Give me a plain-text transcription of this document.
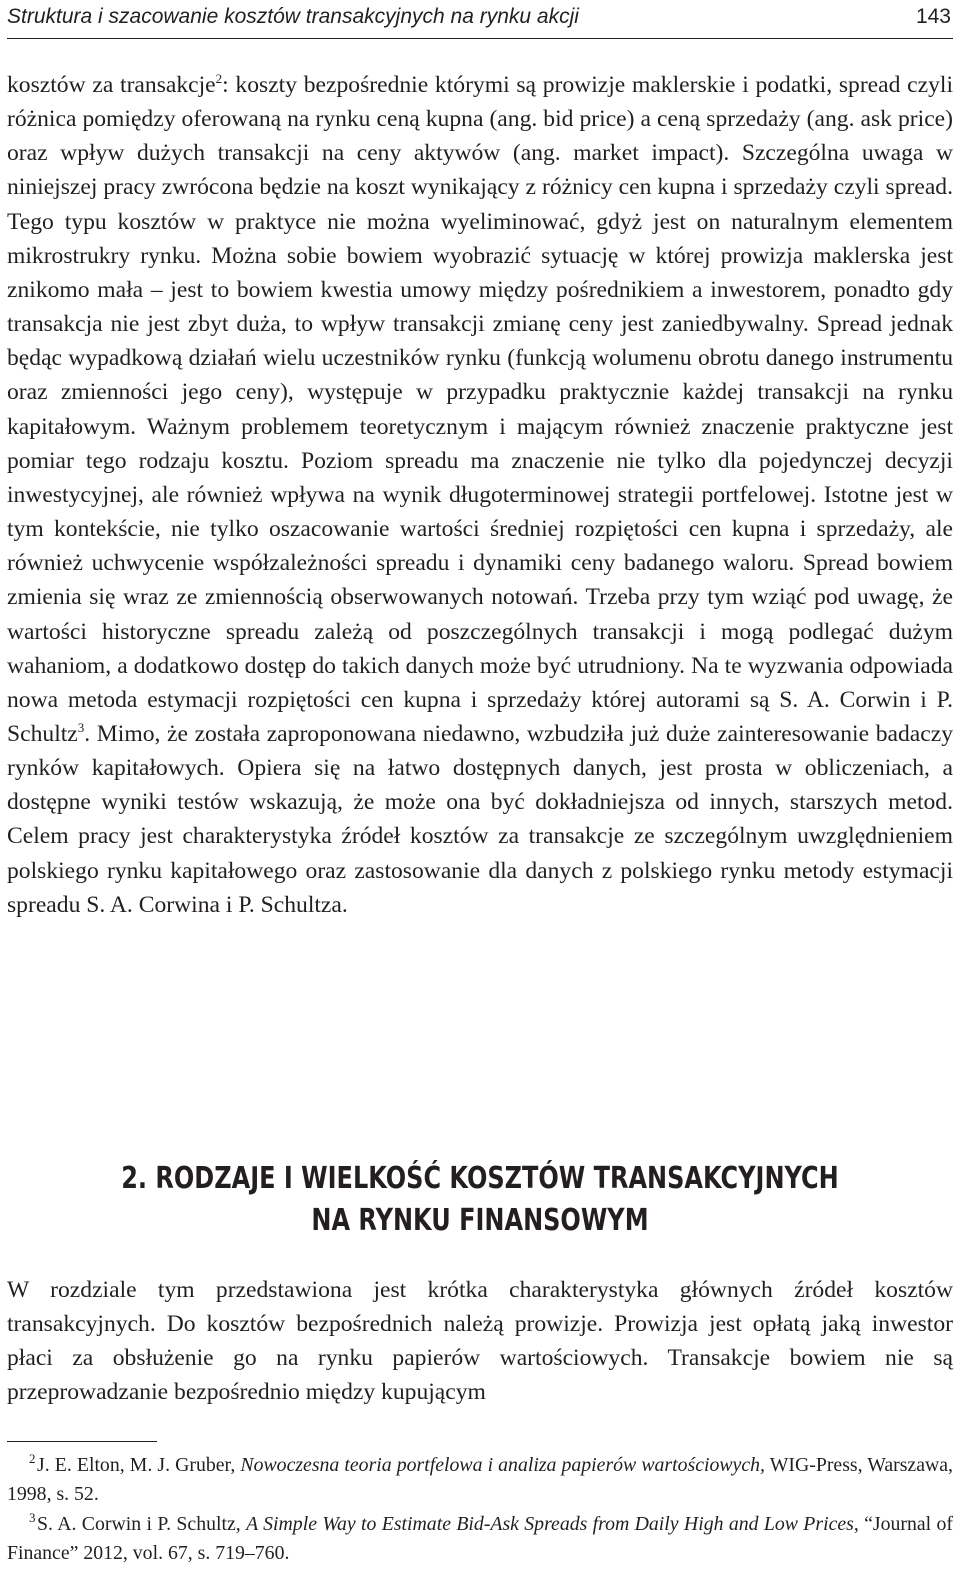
Struktura i szacowanie kosztów transakcyjnych na rynku akcji	143

kosztów za transakcje$^2$: koszty bezpośrednie którymi są prowizje maklerskie i podatki, spread czyli różnica pomiędzy oferowaną na rynku ceną kupna (ang. bid price) a ceną sprzedaży (ang. ask price) oraz wpływ dużych transakcji na ceny aktywów (ang. market impact). Szczególna uwaga w niniejszej pracy zwrócona będzie na koszt wynikający z różnicy cen kupna i sprzedaży czyli spread. Tego typu kosztów w praktyce nie można wyeliminować, gdyż jest on naturalnym elementem mikrostrukry rynku. Można sobie bowiem wyobrazić sytuację w której prowizja maklerska jest znikomo mała – jest to bowiem kwestia umowy między pośrednikiem a inwestorem, ponadto gdy transakcja nie jest zbyt duża, to wpływ transakcji zmianę ceny jest zaniedbywalny. Spread jednak będąc wypadkową działań wielu uczestników rynku (funkcją wolumenu obrotu danego instrumentu oraz zmienności jego ceny), występuje w przypadku praktycznie każdej transakcji na rynku kapitałowym. Ważnym problemem teoretycznym i mającym również znaczenie praktyczne jest pomiar tego rodzaju kosztu. Poziom spreadu ma znaczenie nie tylko dla pojedynczej decyzji inwestycyjnej, ale również wpływa na wynik długoterminowej strategii portfelowej. Istotne jest w tym kontekście, nie tylko oszacowanie wartości średniej rozpiętości cen kupna i sprzedaży, ale również uchwycenie współzależności spreadu i dynamiki ceny badanego waloru. Spread bowiem zmienia się wraz ze zmiennością obserwowanych notowań. Trzeba przy tym wziąć pod uwagę, że wartości historyczne spreadu zależą od poszczególnych transakcji i mogą podlegać dużym wahaniom, a dodatkowo dostęp do takich danych może być utrudniony. Na te wyzwania odpowiada nowa metoda estymacji rozpiętości cen kupna i sprzedaży której autorami są S. A. Corwin i P. Schultz$^3$. Mimo, że została zaproponowana niedawno, wzbudziła już duże zainteresowanie badaczy rynków kapitałowych. Opiera się na łatwo dostępnych danych, jest prosta w obliczeniach, a dostępne wyniki testów wskazują, że może ona być dokładniejsza od innych, starszych metod. Celem pracy jest charakterystyka źródeł kosztów za transakcje ze szczególnym uwzględnieniem polskiego rynku kapitałowego oraz zastosowanie dla danych z polskiego rynku metody estymacji spreadu S. A. Corwina i P. Schultza.

2. RODZAJE I WIELKOŚĆ KOSZTÓW TRANSAKCYJNYCH
NA RYNKU FINANSOWYM
W rozdziale tym przedstawiona jest krótka charakterystyka głównych źródeł kosztów transakcyjnych. Do kosztów bezpośrednich należą prowizje. Prowizja jest opłatą jaką inwestor płaci za obsłużenie go na rynku papierów wartościowych. Transakcje bowiem nie są przeprowadzanie bezpośrednio między kupującym

$^2$J. E. Elton, M. J. Gruber, Nowoczesna teoria portfelowa i analiza papierów wartościowych, WIG-Press, Warszawa, 1998, s. 52.

$^3$S. A. Corwin i P. Schultz, A Simple Way to Estimate Bid-Ask Spreads from Daily High and Low Prices, “Journal of Finance” 2012, vol. 67, s. 719–760.
